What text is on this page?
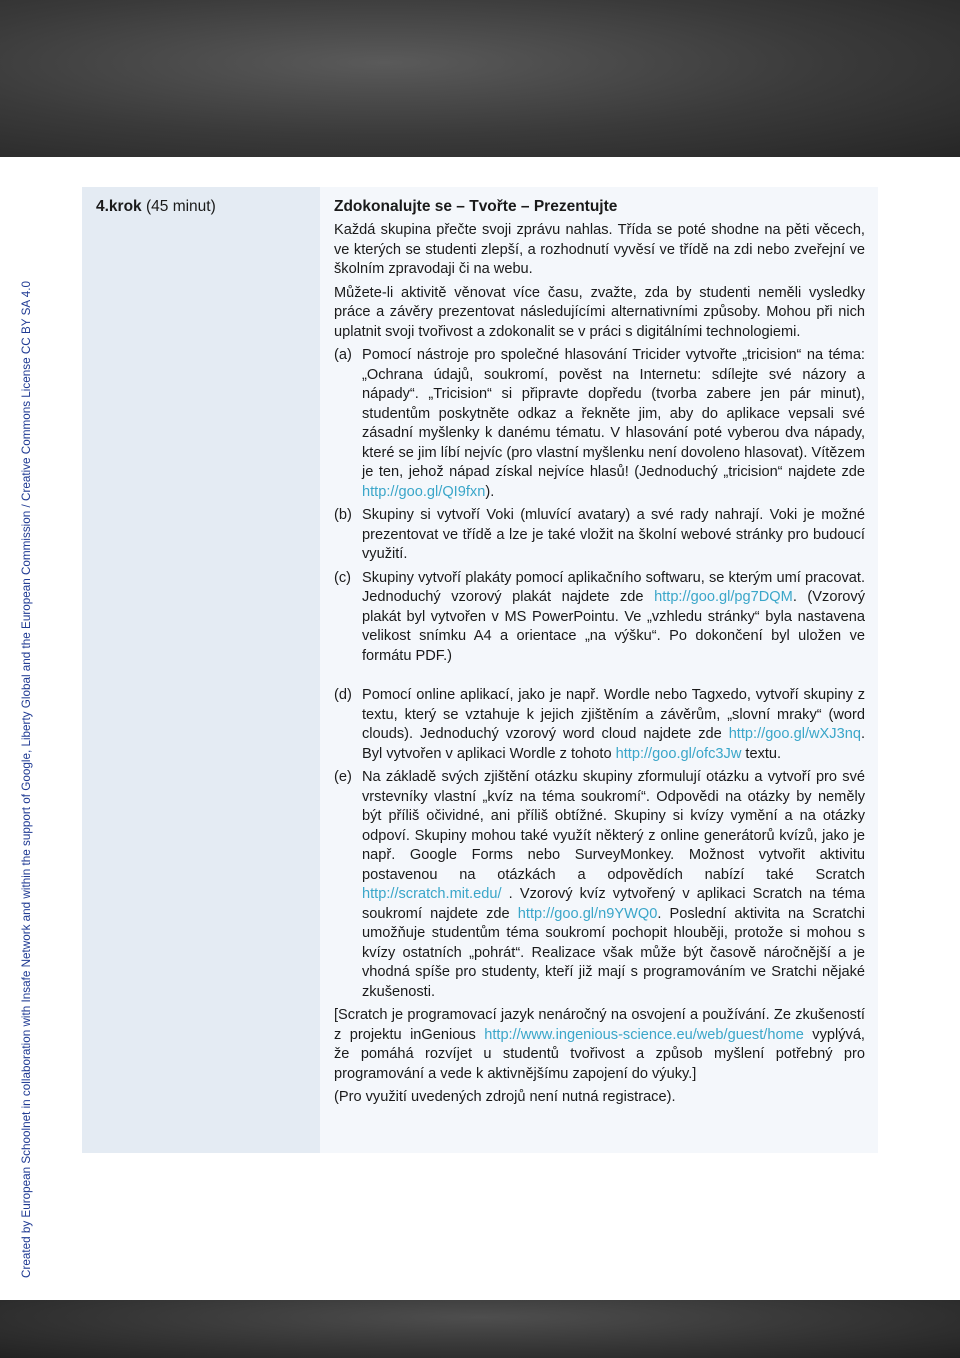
Created by European Schoolnet in collaboration with Insafe Network and within the support of Google, Liberty Global and the European Commission / Creative Commons License CC BY SA 4.0
4.krok (45 minut)	Zdokonalujte se – Tvořte – Prezentujte

Každá skupina přečte svoji zprávu nahlas. Třída se poté shodne na pěti věcech, ve kterých se studenti zlepší, a rozhodnutí vyvěsí ve třídě na zdi nebo zveřejní ve školním zpravodaji či na webu.

Můžete-li aktivitě věnovat více času, zvažte, zda by studenti neměli vysledky práce a závěry prezentovat následujícími alternativními způsoby. Mohou při nich uplatnit svoji tvořivost a zdokonalit se v práci s digitálními technologiemi.

(a) Pomocí nástroje pro společné hlasování Tricider vytvořte „tricision“ na téma: „Ochrana údajů, soukromí, pověst na Internetu: sdílejte své názory a nápady“. „Tricision“ si připravte dopředu (tvorba zabere jen pár minut), studentům poskytněte odkaz a řekněte jim, aby do aplikace vepsali své zásadní myšlenky k danému tématu. V hlasování poté vyberou dva nápady, které se jim líbí nejvíc (pro vlastní myšlenku není dovoleno hlasovat). Vítězem je ten, jehož nápad získal nejvíce hlasů! (Jednoduchý „tricision“ najdete zde http://goo.gl/QI9fxn).
(b) Skupiny si vytvoří Voki (mluvící avatary) a své rady nahrají. Voki je možné prezentovat ve třídě a lze je také vložit na školní webové stránky pro budoucí využití.
(c) Skupiny vytvoří plakáty pomocí aplikačního softwaru, se kterým umí pracovat. Jednoduchý vzorový plakát najdete zde http://goo.gl/pg7DQM. (Vzorový plakát byl vytvořen v MS PowerPointu. Ve „vzhledu stránky“ byla nastavena velikost snímku A4 a orientace „na výšku“. Po dokončení byl uložen ve formátu PDF.)
(d) Pomocí online aplikací, jako je např. Wordle nebo Tagxedo, vytvoří skupiny z textu, který se vztahuje k jejich zjištěním a závěrům, „slovní mraky“ (word clouds). Jednoduchý vzorový word cloud najdete zde http://goo.gl/wXJ3nq. Byl vytvořen v aplikaci Wordle z tohoto http://goo.gl/ofc3Jw textu.
(e) Na základě svých zjištění otázku skupiny zformulují otázku a vytvoří pro své vrstevníky vlastní „kvíz na téma soukromí“. Odpovědi na otázky by neměly být příliš očividné, ani příliš obtížné. Skupiny si kvízy vymění a na otázky odpoví. Skupiny mohou také využít některý z online generátorů kvízů, jako je např. Google Forms nebo SurveyMonkey. Možnost vytvořit aktivitu postavenou na otázkách a odpovědích nabízí také Scratch http://scratch.mit.edu/ . Vzorový kvíz vytvořený v aplikaci Scratch na téma soukromí najdete zde http://goo.gl/n9YWQ0. Poslední aktivita na Scratchi umožňuje studentům téma soukromí pochopit hlouběji, protože si mohou s kvízy ostatních „pohrát“. Realizace však může být časově náročnější a je vhodná spíše pro studenty, kteří již mají s programováním ve Sratchi nějaké zkušenosti.

[Scratch je programovací jazyk nenáročný na osvojení a používání. Ze zkušeností z projektu inGenious http://www.ingenious-science.eu/web/guest/home vyplývá, že pomáhá rozvíjet u studentů tvořivost a způsob myšlení potřebný pro programování a vede k aktivnějšímu zapojení do výuky.]

(Pro využití uvedených zdrojů není nutná registrace).
